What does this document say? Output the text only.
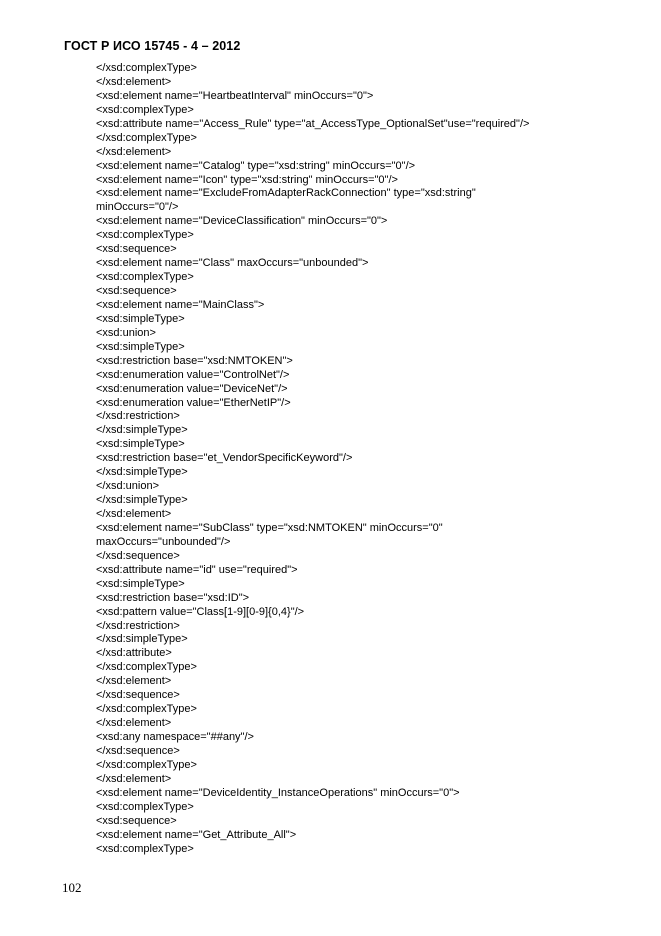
ГОСТ Р ИСО 15745 - 4 – 2012
</xsd:complexType>
</xsd:element>
<xsd:element name="HeartbeatInterval" minOccurs="0">
<xsd:complexType>
<xsd:attribute name="Access_Rule" type="at_AccessType_OptionalSet"use="required"/>
</xsd:complexType>
</xsd:element>
<xsd:element name="Catalog" type="xsd:string" minOccurs="0"/>
<xsd:element name="Icon" type="xsd:string" minOccurs="0"/>
<xsd:element name="ExcludeFromAdapterRackConnection" type="xsd:string"
minOccurs="0"/>
<xsd:element name="DeviceClassification" minOccurs="0">
<xsd:complexType>
<xsd:sequence>
<xsd:element name="Class" maxOccurs="unbounded">
<xsd:complexType>
<xsd:sequence>
<xsd:element name="MainClass">
<xsd:simpleType>
<xsd:union>
<xsd:simpleType>
<xsd:restriction base="xsd:NMTOKEN">
<xsd:enumeration value="ControlNet"/>
<xsd:enumeration value="DeviceNet"/>
<xsd:enumeration value="EtherNetIP"/>
</xsd:restriction>
</xsd:simpleType>
<xsd:simpleType>
<xsd:restriction base="et_VendorSpecificKeyword"/>
</xsd:simpleType>
</xsd:union>
</xsd:simpleType>
</xsd:element>
<xsd:element name="SubClass" type="xsd:NMTOKEN" minOccurs="0"
maxOccurs="unbounded"/>
</xsd:sequence>
<xsd:attribute name="id" use="required">
<xsd:simpleType>
<xsd:restriction base="xsd:ID">
<xsd:pattern value="Class[1-9][0-9]{0,4}"/>
</xsd:restriction>
</xsd:simpleType>
</xsd:attribute>
</xsd:complexType>
</xsd:element>
</xsd:sequence>
</xsd:complexType>
</xsd:element>
<xsd:any namespace="##any"/>
</xsd:sequence>
</xsd:complexType>
</xsd:element>
<xsd:element name="DeviceIdentity_InstanceOperations" minOccurs="0">
<xsd:complexType>
<xsd:sequence>
<xsd:element name="Get_Attribute_All">
<xsd:complexType>
102
